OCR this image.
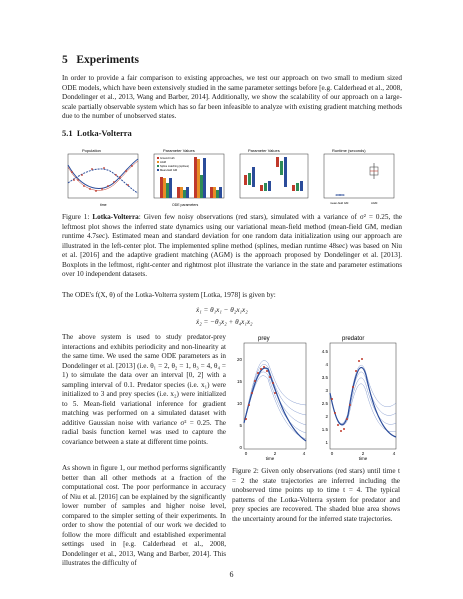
5 Experiments

In order to provide a fair comparison to existing approaches, we test our approach on two small to medium sized ODE models, which have been extensively studied in the same parameter settings before [e.g. Calderhead et al., 2008, Dondelinger et al., 2013, Wang and Barber, 2014]. Additionally, we show the scalability of our approach on a large-scale partially observable system which has so far been infeasible to analyze with existing gradient matching methods due to the number of unobserved states.

5.1 Lotka-Volterra
Population
time
Parameter Values
Ground truth
AGM
Spline matching (splines)
Mean-field GM
ODE parameters
Parameter Values	Runtime (seconds)
mean-field GM	AGM

Figure 1: Lotka-Volterra: Given few noisy observations (red stars), simulated with a variance of σ² = 0.25, the leftmost plot shows the inferred state dynamics using our variational mean-field method (mean-field GM, median runtime 4.7sec). Estimated mean and standard deviation for one random data initialization using our approach are illustrated in the left-center plot. The implemented spline method (splines, median runtime 48sec) was based on Niu et al. [2016] and the adaptive gradient matching (AGM) is the approach proposed by Dondelinger et al. [2013]. Boxplots in the leftmost, right-center and rightmost plot illustrate the variance in the state and parameter estimations over 10 independent datasets.

The ODE's f(X, θ) of the Lotka-Volterra system [Lotka, 1978] is given by:

ẋ₁ = θ₁x₁ − θ₂x₁x₂
ẋ₂ = −θ₃x₂ + θ₄x₁x₂

The above system is used to study predator-prey interactions and exhibits periodicity and non-linearity at the same time. We used the same ODE parameters as in Dondelinger et al. [2013] (i.e. θ₁ = 2, θ₂ = 1, θ₃ = 4, θ₄ = 1) to simulate the data over an interval [0, 2] with a sampling interval of 0.1. Predator species (i.e. x₁) were initialized to 3 and prey species (i.e. x₂) were initialized to 5. Mean-field variational inference for gradient matching was performed on a simulated dataset with additive Gaussian noise with variance σ² = 0.25. The radial basis function kernel was used to capture the covariance between a state at different time points.

As shown in figure 1, our method performs significantly better than all other methods at a fraction of the computational cost. The poor performance in accuracy of Niu et al. [2016] can be explained by the significantly lower number of samples and higher noise level, compared to the simpler setting of their experiments. In order to show the potential of our work we decided to follow the more difficult and established experimental settings used in [e.g. Calderhead et al., 2008, Dondelinger et al., 2013, Wang and Barber, 2014]. This illustrates the difficulty of

prey
20
15
10
5
0
0	2	4
time
predator
4.5
4
3.5
3
2.5
2
1.5
1
0	2	4
time

Figure 2: Given only observations (red stars) until time t = 2 the state trajectories are inferred including the unobserved time points up to time t = 4. The typical patterns of the Lotka-Volterra system for predator and prey species are recovered. The shaded blue area shows the uncertainty around for the inferred state trajectories.

6
